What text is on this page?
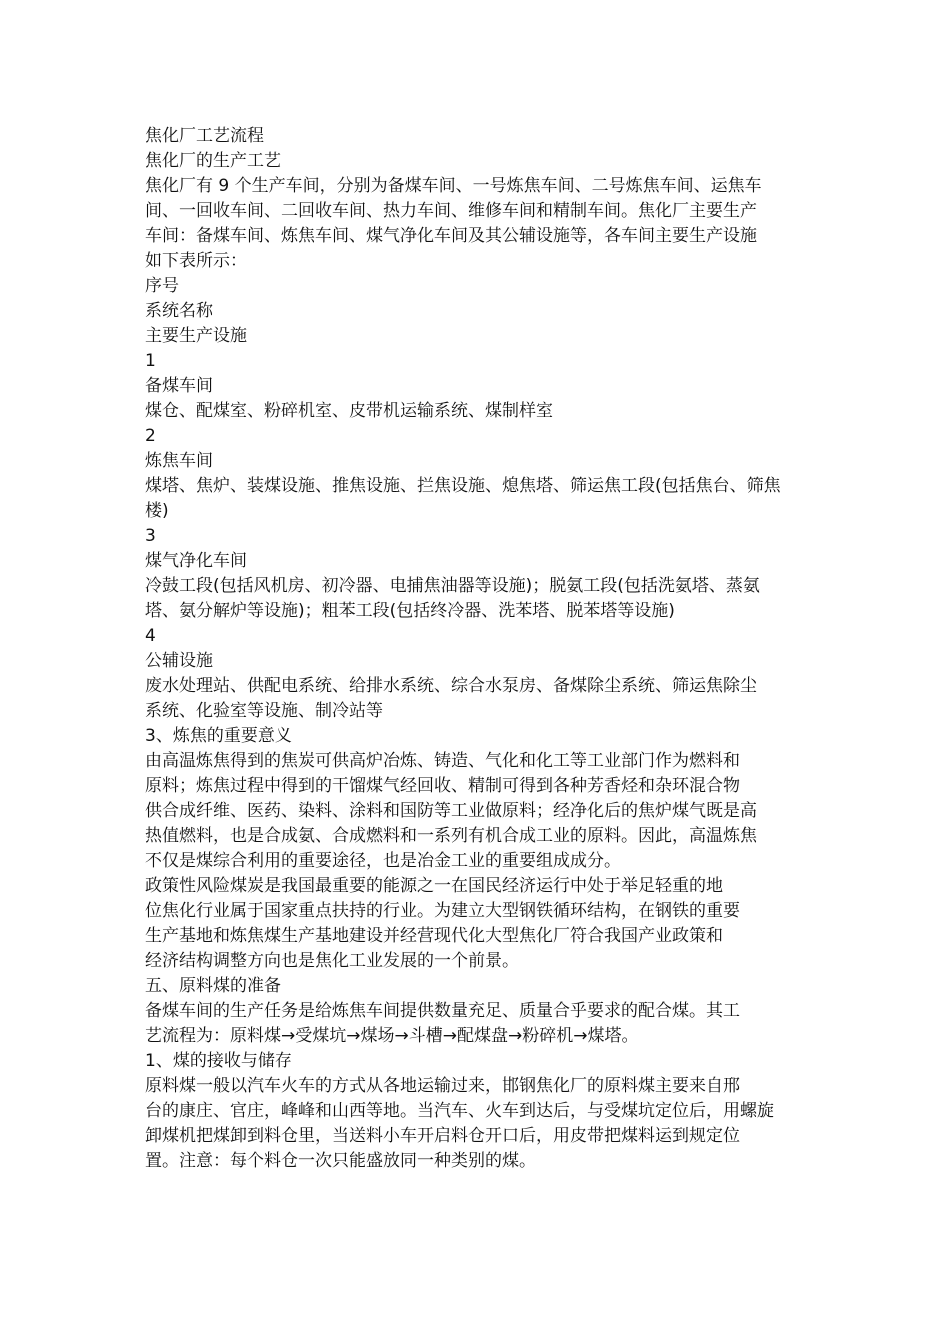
焦化厂工艺流程
焦化厂的生产工艺
焦化厂有 9 个生产车间，分别为备煤车间、一号炼焦车间、二号炼焦车间、运焦车
间、一回收车间、二回收车间、热力车间、维修车间和精制车间。焦化厂主要生产
车间：备煤车间、炼焦车间、煤气净化车间及其公辅设施等，各车间主要生产设施
如下表所示：
序号
系统名称
主要生产设施
1
备煤车间
煤仓、配煤室、粉碎机室、皮带机运输系统、煤制样室
2
炼焦车间
煤塔、焦炉、装煤设施、推焦设施、拦焦设施、熄焦塔、筛运焦工段(包括焦台、筛焦
楼)
3
煤气净化车间
冷鼓工段(包括风机房、初冷器、电捕焦油器等设施)；脱氨工段(包括洗氨塔、蒸氨
塔、氨分解炉等设施)；粗苯工段(包括终冷器、洗苯塔、脱苯塔等设施)
4
公辅设施
废水处理站、供配电系统、给排水系统、综合水泵房、备煤除尘系统、筛运焦除尘
系统、化验室等设施、制冷站等
3、炼焦的重要意义
由高温炼焦得到的焦炭可供高炉冶炼、铸造、气化和化工等工业部门作为燃料和
原料；炼焦过程中得到的干馏煤气经回收、精制可得到各种芳香烃和杂环混合物
供合成纤维、医药、染料、涂料和国防等工业做原料；经净化后的焦炉煤气既是高
热值燃料，也是合成氨、合成燃料和一系列有机合成工业的原料。因此，高温炼焦
不仅是煤综合利用的重要途径，也是冶金工业的重要组成成分。
政策性风险煤炭是我国最重要的能源之一在国民经济运行中处于举足轻重的地
位焦化行业属于国家重点扶持的行业。为建立大型钢铁循环结构，在钢铁的重要
生产基地和炼焦煤生产基地建设并经营现代化大型焦化厂符合我国产业政策和
经济结构调整方向也是焦化工业发展的一个前景。
五、原料煤的准备
备煤车间的生产任务是给炼焦车间提供数量充足、质量合乎要求的配合煤。其工
艺流程为：原料煤→受煤坑→煤场→斗槽→配煤盘→粉碎机→煤塔。
1、煤的接收与储存
原料煤一般以汽车火车的方式从各地运输过来，邯钢焦化厂的原料煤主要来自邢
台的康庄、官庄，峰峰和山西等地。当汽车、火车到达后，与受煤坑定位后，用螺旋
卸煤机把煤卸到料仓里，当送料小车开启料仓开口后，用皮带把煤料运到规定位
置。注意：每个料仓一次只能盛放同一种类别的煤。
